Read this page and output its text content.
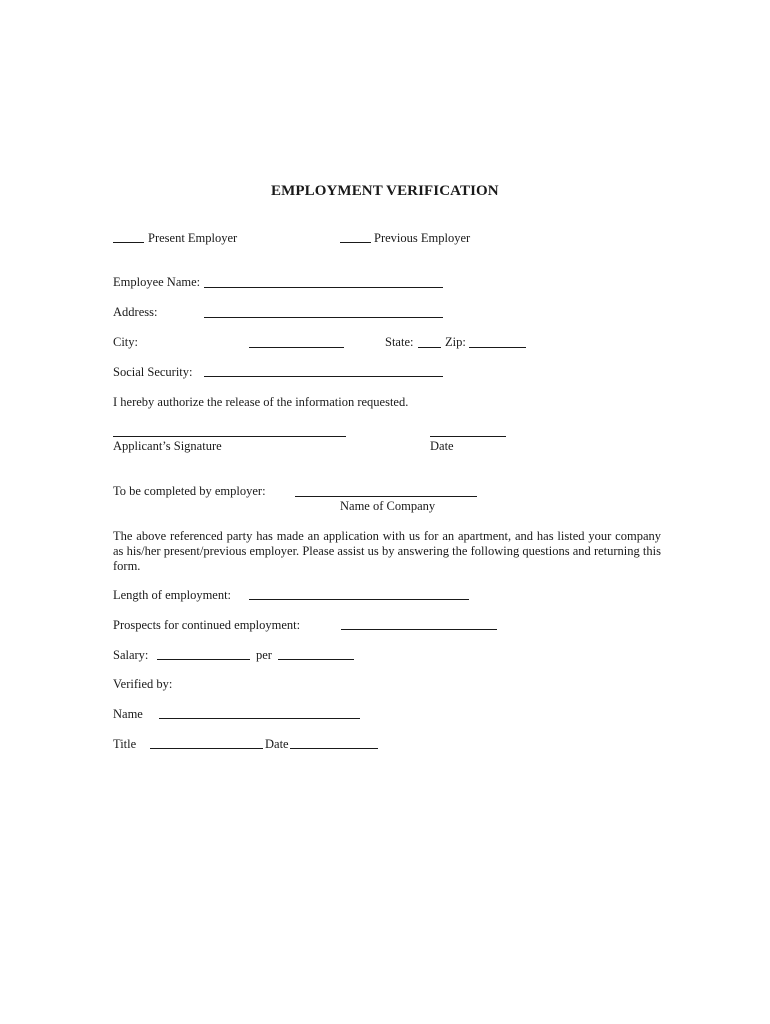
EMPLOYMENT VERIFICATION
Present Employer	Previous Employer
Employee Name:
Address:
City:	State:	Zip:
Social Security:
I hereby authorize the release of the information requested.
Applicant’s Signature	Date
To be completed by employer:
Name of Company
The above referenced party has made an application with us for an apartment, and has listed your company as his/her present/previous employer. Please assist us by answering the following questions and returning this form.
Length of employment:
Prospects for continued employment:
Salary:	per
Verified by:
Name
Title	Date
